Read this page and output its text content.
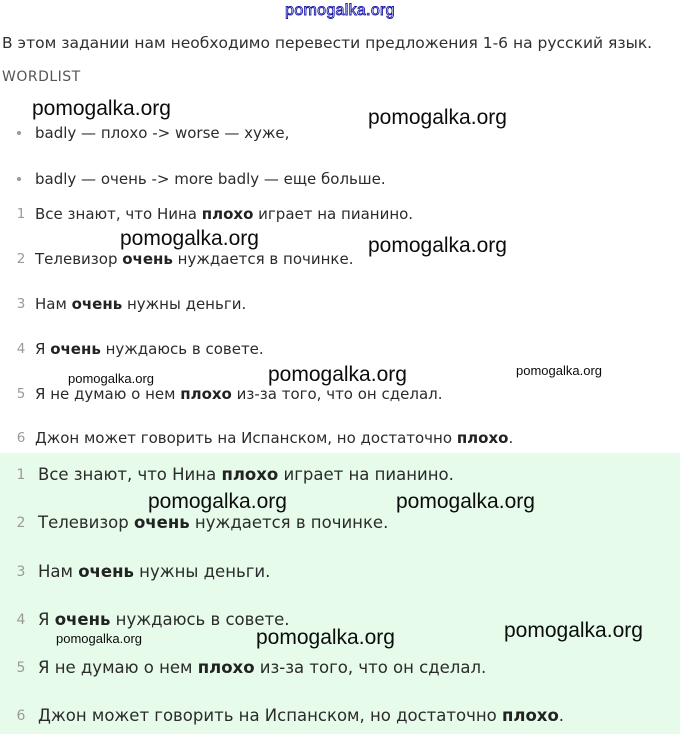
pomogalka.org
В этом задании нам необходимо перевести предложения 1-6 на русский язык.
WORDLIST
badly — плохо -> worse — хуже,
badly — очень -> more badly — еще больше.
1 Все знают, что Нина плохо играет на пианино.
2 Телевизор очень нуждается в починке.
3 Нам очень нужны деньги.
4 Я очень нуждаюсь в совете.
5 Я не думаю о нем плохо из-за того, что он сделал.
6 Джон может говорить на Испанском, но достаточно плохо.
1 Все знают, что Нина плохо играет на пианино.
2 Телевизор очень нуждается в починке.
3 Нам очень нужны деньги.
4 Я очень нуждаюсь в совете.
5 Я не думаю о нем плохо из-за того, что он сделал.
6 Джон может говорить на Испанском, но достаточно плохо.
pomogalka.org	pomogalka.org
pomogalka.org	pomogalka.org
pomogalka.org	pomogalka.org	pomogalka.org
pomogalka.org	pomogalka.org
pomogalka.org	pomogalka.org	pomogalka.org
